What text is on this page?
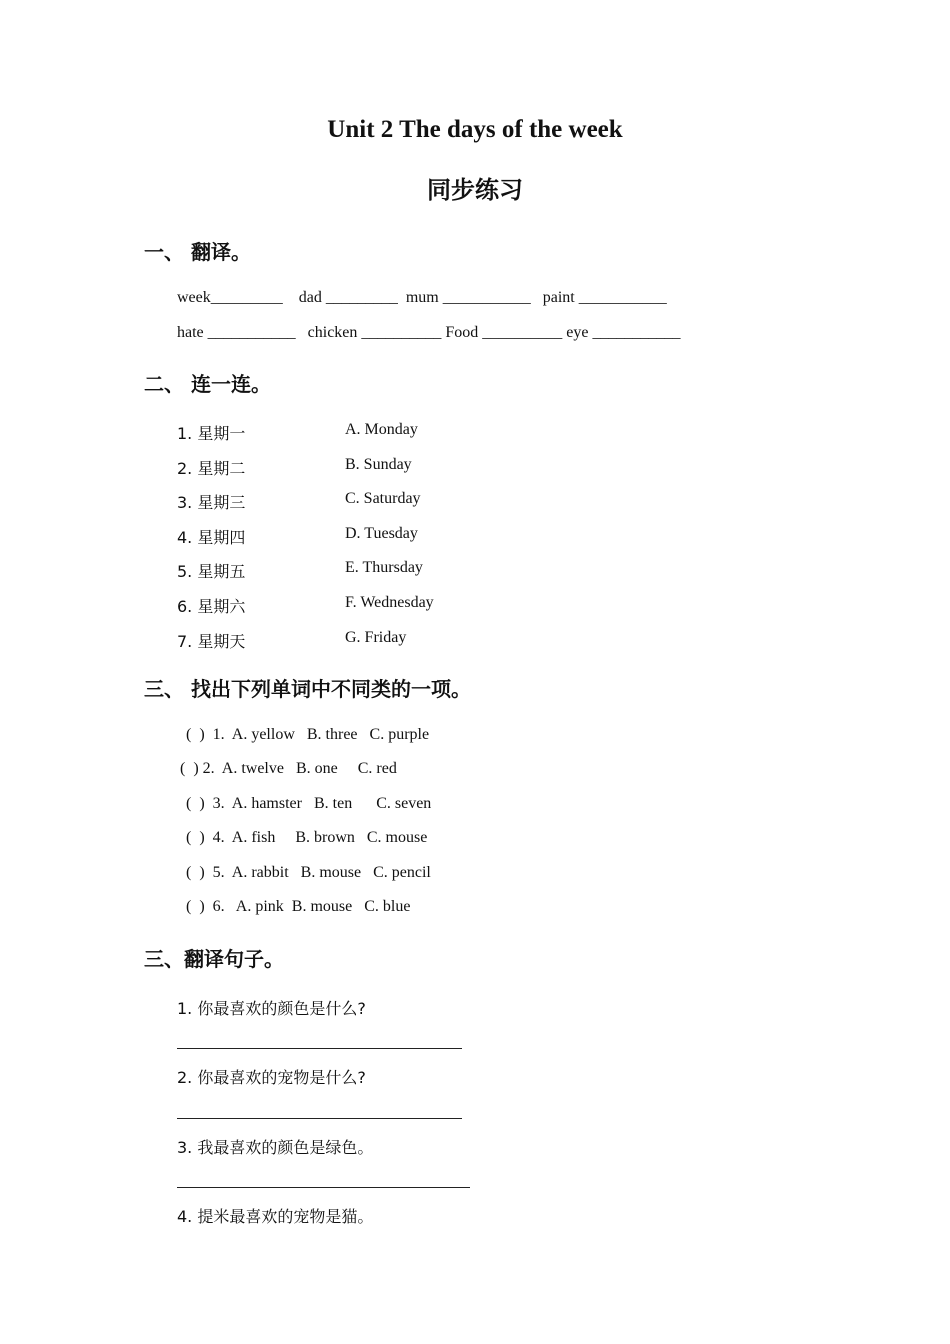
Unit 2 The days of the week
同步练习
一、 翻译。
week_________    dad _________  mum ___________   paint ___________
hate ___________   chicken __________ Food __________ eye ___________
二、 连一连。
1. 星期一
2. 星期二
3. 星期三
4. 星期四
5. 星期五
6. 星期六
7. 星期天
A. Monday
B. Sunday
C. Saturday
D. Tuesday
E. Thursday
F. Wednesday
G. Friday
三、 找出下列单词中不同类的一项。
(  )  1.  A. yellow   B. three   C. purple
(  ) 2.  A. twelve   B. one     C. red
(  )  3.  A. hamster   B. ten      C. seven
(  )  4.  A. fish     B. brown   C. mouse
(  )  5.  A. rabbit   B. mouse   C. pencil
(  )  6.   A. pink  B. mouse   C. blue
三、翻译句子。
1. 你最喜欢的颜色是什么?
2. 你最喜欢的宠物是什么?
3. 我最喜欢的颜色是绿色。
4. 提米最喜欢的宠物是猫。
